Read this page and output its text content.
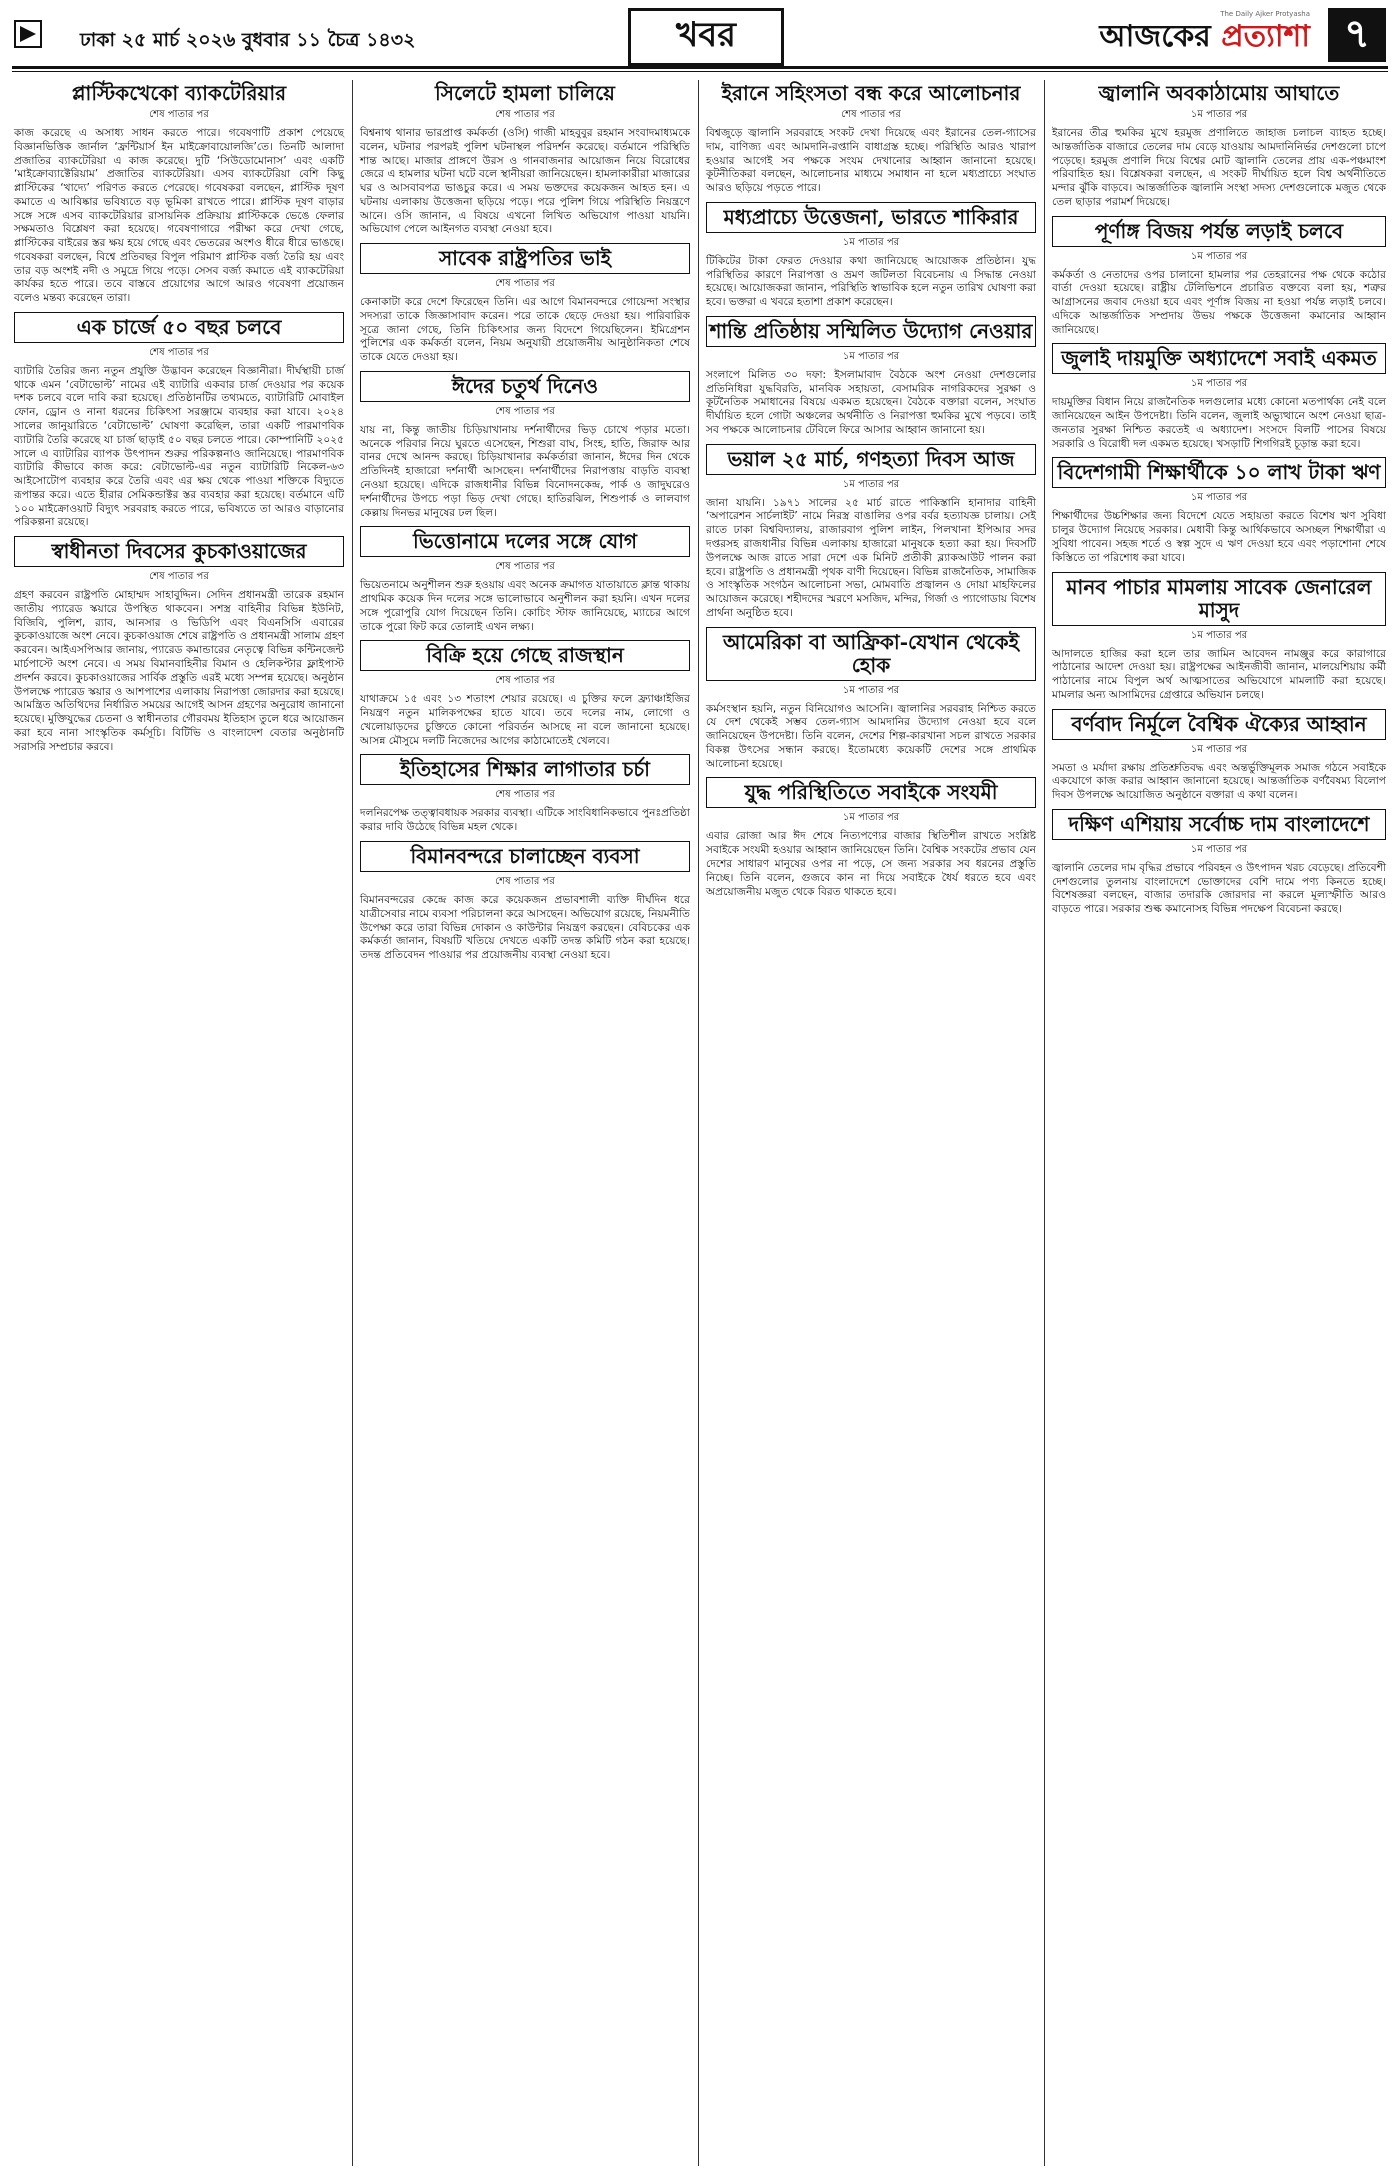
ঢাকা ২৫ মার্চ ২০২৬ বুধবার ১১ চৈত্র ১৪৩২	খবর	আজকের প্রত্যাশা
The Daily Ajker Protyasha ৭
প্লাস্টিকখেকো ব্যাকটেরিয়ার
শেষ পাতার পর

কাজ করেছে এ অসাধ্য সাধন করতে পারে। গবেষণাটি প্রকাশ পেয়েছে বিজ্ঞানভিত্তিক জার্নাল ‘ফ্রন্টিয়ার্স ইন মাইক্রোবায়োলজি’তে। তিনটি আলাদা প্রজাতির ব্যাকটেরিয়া এ কাজ করেছে। দুটি ‘সিউডোমোনাস’ এবং একটি ‘মাইক্রোব্যাক্টেরিয়াম’ প্রজাতির ব্যাকটেরিয়া। এসব ব্যাকটেরিয়া বেশি কিছু প্লাস্টিকের ‘খাদ্যে’ পরিণত করতে পেরেছে। গবেষকরা বলছেন, প্লাস্টিক দূষণ কমাতে এ আবিষ্কার ভবিষ্যতে বড় ভূমিকা রাখতে পারে। প্লাস্টিক দূষণ বাড়ার সঙ্গে সঙ্গে এসব ব্যাকটেরিয়ার রাসায়নিক প্রক্রিয়ায় প্লাস্টিককে ভেঙে ফেলার সক্ষমতাও বিশ্লেষণ করা হয়েছে। গবেষণাগারে পরীক্ষা করে দেখা গেছে, প্লাস্টিকের বাইরের স্তর ক্ষয় হয়ে গেছে এবং ভেতরের অংশও ধীরে ধীরে ভাঙছে। গবেষকরা বলছেন, বিশ্বে প্রতিবছর বিপুল পরিমাণ প্লাস্টিক বর্জ্য তৈরি হয় এবং তার বড় অংশই নদী ও সমুদ্রে গিয়ে পড়ে। সেসব বর্জ্য কমাতে এই ব্যাকটেরিয়া কার্যকর হতে পারে। তবে বাস্তবে প্রয়োগের আগে আরও গবেষণা প্রয়োজন বলেও মন্তব্য করেছেন তারা।

এক চার্জে ৫০ বছর চলবে
শেষ পাতার পর

ব্যাটারি তৈরির জন্য নতুন প্রযুক্তি উদ্ভাবন করেছেন বিজ্ঞানীরা। দীর্ঘস্থায়ী চার্জ থাকে এমন ‘বেটাভোল্ট’ নামের এই ব্যাটারি একবার চার্জ দেওয়ার পর কয়েক দশক চলবে বলে দাবি করা হয়েছে। প্রতিষ্ঠানটির তথ্যমতে, ব্যাটারিটি মোবাইল ফোন, ড্রোন ও নানা ধরনের চিকিৎসা সরঞ্জামে ব্যবহার করা যাবে। ২০২৪ সালের জানুয়ারিতে ‘বেটাভোল্ট’ ঘোষণা করেছিল, তারা একটি পারমাণবিক ব্যাটারি তৈরি করেছে যা চার্জ ছাড়াই ৫০ বছর চলতে পারে। কোম্পানিটি ২০২৫ সালে এ ব্যাটারির ব্যাপক উৎপাদন শুরুর পরিকল্পনাও জানিয়েছে। পারমাণবিক ব্যাটারি কীভাবে কাজ করে: বেটাভোল্ট-এর নতুন ব্যাটারিটি নিকেল-৬৩ আইসোটোপ ব্যবহার করে তৈরি এবং এর ক্ষয় থেকে পাওয়া শক্তিকে বিদ্যুতে রূপান্তর করে। এতে হীরার সেমিকন্ডাক্টর স্তর ব্যবহার করা হয়েছে। বর্তমানে এটি ১০০ মাইক্রোওয়াট বিদ্যুৎ সরবরাহ করতে পারে, ভবিষ্যতে তা আরও বাড়ানোর পরিকল্পনা রয়েছে।

স্বাধীনতা দিবসের কুচকাওয়াজের
শেষ পাতার পর

গ্রহণ করবেন রাষ্ট্রপতি মোহাম্মদ সাহাবুদ্দিন। সেদিন প্রধানমন্ত্রী তারেক রহমান জাতীয় প্যারেড স্কয়ারে উপস্থিত থাকবেন। সশস্ত্র বাহিনীর বিভিন্ন ইউনিট, বিজিবি, পুলিশ, র‍্যাব, আনসার ও ভিডিপি এবং বিএনসিসি এবারের কুচকাওয়াজে অংশ নেবে। কুচকাওয়াজ শেষে রাষ্ট্রপতি ও প্রধানমন্ত্রী সালাম গ্রহণ করবেন। আইএসপিআর জানায়, প্যারেড কমান্ডারের নেতৃত্বে বিভিন্ন কন্টিনজেন্ট মার্চপাস্টে অংশ নেবে। এ সময় বিমানবাহিনীর বিমান ও হেলিকপ্টার ফ্লাইপাস্ট প্রদর্শন করবে। কুচকাওয়াজের সার্বিক প্রস্তুতি এরই মধ্যে সম্পন্ন হয়েছে। অনুষ্ঠান উপলক্ষে প্যারেড স্কয়ার ও আশপাশের এলাকায় নিরাপত্তা জোরদার করা হয়েছে। আমন্ত্রিত অতিথিদের নির্ধারিত সময়ের আগেই আসন গ্রহণের অনুরোধ জানানো হয়েছে। মুক্তিযুদ্ধের চেতনা ও স্বাধীনতার গৌরবময় ইতিহাস তুলে ধরে আয়োজন করা হবে নানা সাংস্কৃতিক কর্মসূচি। বিটিভি ও বাংলাদেশ বেতার অনুষ্ঠানটি সরাসরি সম্প্রচার করবে।

সিলেটে হামলা চালিয়ে
শেষ পাতার পর

বিশ্বনাথ থানার ভারপ্রাপ্ত কর্মকর্তা (ওসি) গাজী মাহবুবুর রহমান সংবাদমাধ্যমকে বলেন, ঘটনার পরপরই পুলিশ ঘটনাস্থল পরিদর্শন করেছে। বর্তমানে পরিস্থিতি শান্ত আছে। মাজার প্রাঙ্গণে উরস ও গানবাজনার আয়োজন নিয়ে বিরোধের জেরে এ হামলার ঘটনা ঘটে বলে স্থানীয়রা জানিয়েছেন। হামলাকারীরা মাজারের ঘর ও আসবাবপত্র ভাঙচুর করে। এ সময় ভক্তদের কয়েকজন আহত হন। এ ঘটনায় এলাকায় উত্তেজনা ছড়িয়ে পড়ে। পরে পুলিশ গিয়ে পরিস্থিতি নিয়ন্ত্রণে আনে। ওসি জানান, এ বিষয়ে এখনো লিখিত অভিযোগ পাওয়া যায়নি। অভিযোগ পেলে আইনগত ব্যবস্থা নেওয়া হবে।

সাবেক রাষ্ট্রপতির ভাই
শেষ পাতার পর

কেনাকাটা করে দেশে ফিরেছেন তিনি। এর আগে বিমানবন্দরে গোয়েন্দা সংস্থার সদস্যরা তাকে জিজ্ঞাসাবাদ করেন। পরে তাকে ছেড়ে দেওয়া হয়। পারিবারিক সূত্রে জানা গেছে, তিনি চিকিৎসার জন্য বিদেশে গিয়েছিলেন। ইমিগ্রেশন পুলিশের এক কর্মকর্তা বলেন, নিয়ম অনুযায়ী প্রয়োজনীয় আনুষ্ঠানিকতা শেষে তাকে যেতে দেওয়া হয়।

ঈদের চতুর্থ দিনেও
শেষ পাতার পর

যায় না, কিন্তু জাতীয় চিড়িয়াখানায় দর্শনার্থীদের ভিড় চোখে পড়ার মতো। অনেকে পরিবার নিয়ে ঘুরতে এসেছেন, শিশুরা বাঘ, সিংহ, হাতি, জিরাফ আর বানর দেখে আনন্দ করছে। চিড়িয়াখানার কর্মকর্তারা জানান, ঈদের দিন থেকে প্রতিদিনই হাজারো দর্শনার্থী আসছেন। দর্শনার্থীদের নিরাপত্তায় বাড়তি ব্যবস্থা নেওয়া হয়েছে। এদিকে রাজধানীর বিভিন্ন বিনোদনকেন্দ্র, পার্ক ও জাদুঘরেও দর্শনার্থীদের উপচে পড়া ভিড় দেখা গেছে। হাতিরঝিল, শিশুপার্ক ও লালবাগ কেল্লায় দিনভর মানুষের ঢল ছিল।

ভিত্তোনামে দলের সঙ্গে যোগ
শেষ পাতার পর

ভিয়েতনামে অনুশীলন শুরু হওয়ায় এবং অনেক ক্রমাগত যাতায়াতে ক্লান্ত থাকায় প্রাথমিক কয়েক দিন দলের সঙ্গে ভালোভাবে অনুশীলন করা হয়নি। এখন দলের সঙ্গে পুরোপুরি যোগ দিয়েছেন তিনি। কোচিং স্টাফ জানিয়েছে, ম্যাচের আগে তাকে পুরো ফিট করে তোলাই এখন লক্ষ্য।

বিক্রি হয়ে গেছে রাজস্থান
শেষ পাতার পর

যাথাক্রমে ১৫ এবং ১৩ শতাংশ শেয়ার রয়েছে। এ চুক্তির ফলে ফ্র্যাঞ্চাইজির নিয়ন্ত্রণ নতুন মালিকপক্ষের হাতে যাবে। তবে দলের নাম, লোগো ও খেলোয়াড়দের চুক্তিতে কোনো পরিবর্তন আসছে না বলে জানানো হয়েছে। আসন্ন মৌসুমে দলটি নিজেদের আগের কাঠামোতেই খেলবে।

ইতিহাসের শিক্ষার লাগাতার চর্চা
শেষ পাতার পর

দলনিরপেক্ষ তত্ত্বাবধায়ক সরকার ব্যবস্থা। এটিকে সাংবিধানিকভাবে পুনঃপ্রতিষ্ঠা করার দাবি উঠেছে বিভিন্ন মহল থেকে।

বিমানবন্দরে চালাচ্ছেন ব্যবসা
শেষ পাতার পর

বিমানবন্দরের কেন্দ্রে কাজ করে কয়েকজন প্রভাবশালী ব্যক্তি দীর্ঘদিন ধরে যাত্রীসেবার নামে ব্যবসা পরিচালনা করে আসছেন। অভিযোগ রয়েছে, নিয়মনীতি উপেক্ষা করে তারা বিভিন্ন দোকান ও কাউন্টার নিয়ন্ত্রণ করছেন। বেবিচকের এক কর্মকর্তা জানান, বিষয়টি খতিয়ে দেখতে একটি তদন্ত কমিটি গঠন করা হয়েছে। তদন্ত প্রতিবেদন পাওয়ার পর প্রয়োজনীয় ব্যবস্থা নেওয়া হবে।

ইরানে সহিংসতা বন্ধ করে আলোচনার
শেষ পাতার পর

বিশ্বজুড়ে জ্বালানি সরবরাহে সংকট দেখা দিয়েছে এবং ইরানের তেল-গ্যাসের দাম, বাণিজ্য এবং আমদানি-রপ্তানি বাধাগ্রস্ত হচ্ছে। পরিস্থিতি আরও খারাপ হওয়ার আগেই সব পক্ষকে সংযম দেখানোর আহ্বান জানানো হয়েছে। কূটনীতিকরা বলছেন, আলোচনার মাধ্যমে সমাধান না হলে মধ্যপ্রাচ্যে সংঘাত আরও ছড়িয়ে পড়তে পারে।

মধ্যপ্রাচ্যে উত্তেজনা, ভারতে শাকিরার
১ম পাতার পর

টিকিটের টাকা ফেরত দেওয়ার কথা জানিয়েছে আয়োজক প্রতিষ্ঠান। যুদ্ধ পরিস্থিতির কারণে নিরাপত্তা ও ভ্রমণ জটিলতা বিবেচনায় এ সিদ্ধান্ত নেওয়া হয়েছে। আয়োজকরা জানান, পরিস্থিতি স্বাভাবিক হলে নতুন তারিখ ঘোষণা করা হবে। ভক্তরা এ খবরে হতাশা প্রকাশ করেছেন।

শান্তি প্রতিষ্ঠায় সম্মিলিত উদ্যোগ নেওয়ার
১ম পাতার পর

সংলাপে মিলিত ৩০ দফা: ইসলামাবাদ বৈঠকে অংশ নেওয়া দেশগুলোর প্রতিনিধিরা যুদ্ধবিরতি, মানবিক সহায়তা, বেসামরিক নাগরিকদের সুরক্ষা ও কূটনৈতিক সমাধানের বিষয়ে একমত হয়েছেন। বৈঠকে বক্তারা বলেন, সংঘাত দীর্ঘায়িত হলে গোটা অঞ্চলের অর্থনীতি ও নিরাপত্তা হুমকির মুখে পড়বে। তাই সব পক্ষকে আলোচনার টেবিলে ফিরে আসার আহ্বান জানানো হয়।

ভয়াল ২৫ মার্চ, গণহত্যা দিবস আজ
১ম পাতার পর

জানা যায়নি। ১৯৭১ সালের ২৫ মার্চ রাতে পাকিস্তানি হানাদার বাহিনী ‘অপারেশন সার্চলাইট’ নামে নিরস্ত্র বাঙালির ওপর বর্বর হত্যাযজ্ঞ চালায়। সেই রাতে ঢাকা বিশ্ববিদ্যালয়, রাজারবাগ পুলিশ লাইন, পিলখানা ইপিআর সদর দপ্তরসহ রাজধানীর বিভিন্ন এলাকায় হাজারো মানুষকে হত্যা করা হয়। দিবসটি উপলক্ষে আজ রাতে সারা দেশে এক মিনিট প্রতীকী ব্ল্যাকআউট পালন করা হবে। রাষ্ট্রপতি ও প্রধানমন্ত্রী পৃথক বাণী দিয়েছেন। বিভিন্ন রাজনৈতিক, সামাজিক ও সাংস্কৃতিক সংগঠন আলোচনা সভা, মোমবাতি প্রজ্বালন ও দোয়া মাহফিলের আয়োজন করেছে। শহীদদের স্মরণে মসজিদ, মন্দির, গির্জা ও প্যাগোডায় বিশেষ প্রার্থনা অনুষ্ঠিত হবে।

আমেরিকা বা আফ্রিকা-যেখান থেকেই হোক
১ম পাতার পর

কর্মসংস্থান হয়নি, নতুন বিনিয়োগও আসেনি। জ্বালানির সরবরাহ নিশ্চিত করতে যে দেশ থেকেই সম্ভব তেল-গ্যাস আমদানির উদ্যোগ নেওয়া হবে বলে জানিয়েছেন উপদেষ্টা। তিনি বলেন, দেশের শিল্প-কারখানা সচল রাখতে সরকার বিকল্প উৎসের সন্ধান করছে। ইতোমধ্যে কয়েকটি দেশের সঙ্গে প্রাথমিক আলোচনা হয়েছে।

যুদ্ধ পরিস্থিতিতে সবাইকে সংযমী
১ম পাতার পর

এবার রোজা আর ঈদ শেষে নিত্যপণ্যের বাজার স্থিতিশীল রাখতে সংশ্লিষ্ট সবাইকে সংযমী হওয়ার আহ্বান জানিয়েছেন তিনি। বৈশ্বিক সংকটের প্রভাব যেন দেশের সাধারণ মানুষের ওপর না পড়ে, সে জন্য সরকার সব ধরনের প্রস্তুতি নিচ্ছে। তিনি বলেন, গুজবে কান না দিয়ে সবাইকে ধৈর্য ধরতে হবে এবং অপ্রয়োজনীয় মজুত থেকে বিরত থাকতে হবে।

জ্বালানি অবকাঠামোয় আঘাতে
১ম পাতার পর

ইরানের তীব্র হুমকির মুখে হরমুজ প্রণালিতে জাহাজ চলাচল ব্যাহত হচ্ছে। আন্তর্জাতিক বাজারে তেলের দাম বেড়ে যাওয়ায় আমদানিনির্ভর দেশগুলো চাপে পড়েছে। হরমুজ প্রণালি দিয়ে বিশ্বের মোট জ্বালানি তেলের প্রায় এক-পঞ্চমাংশ পরিবাহিত হয়। বিশ্লেষকরা বলছেন, এ সংকট দীর্ঘায়িত হলে বিশ্ব অর্থনীতিতে মন্দার ঝুঁকি বাড়বে। আন্তর্জাতিক জ্বালানি সংস্থা সদস্য দেশগুলোকে মজুত থেকে তেল ছাড়ার পরামর্শ দিয়েছে।

পূর্ণাঙ্গ বিজয় পর্যন্ত লড়াই চলবে
১ম পাতার পর

কর্মকর্তা ও নেতাদের ওপর চালানো হামলার পর তেহরানের পক্ষ থেকে কঠোর বার্তা দেওয়া হয়েছে। রাষ্ট্রীয় টেলিভিশনে প্রচারিত বক্তব্যে বলা হয়, শত্রুর আগ্রাসনের জবাব দেওয়া হবে এবং পূর্ণাঙ্গ বিজয় না হওয়া পর্যন্ত লড়াই চলবে। এদিকে আন্তর্জাতিক সম্প্রদায় উভয় পক্ষকে উত্তেজনা কমানোর আহ্বান জানিয়েছে।

জুলাই দায়মুক্তি অধ্যাদেশে সবাই একমত
১ম পাতার পর

দায়মুক্তির বিধান নিয়ে রাজনৈতিক দলগুলোর মধ্যে কোনো মতপার্থক্য নেই বলে জানিয়েছেন আইন উপদেষ্টা। তিনি বলেন, জুলাই অভ্যুত্থানে অংশ নেওয়া ছাত্র-জনতার সুরক্ষা নিশ্চিত করতেই এ অধ্যাদেশ। সংসদে বিলটি পাসের বিষয়ে সরকারি ও বিরোধী দল একমত হয়েছে। খসড়াটি শিগগিরই চূড়ান্ত করা হবে।

বিদেশগামী শিক্ষার্থীকে ১০ লাখ টাকা ঋণ
১ম পাতার পর

শিক্ষার্থীদের উচ্চশিক্ষার জন্য বিদেশে যেতে সহায়তা করতে বিশেষ ঋণ সুবিধা চালুর উদ্যোগ নিয়েছে সরকার। মেধাবী কিন্তু আর্থিকভাবে অসচ্ছল শিক্ষার্থীরা এ সুবিধা পাবেন। সহজ শর্তে ও স্বল্প সুদে এ ঋণ দেওয়া হবে এবং পড়াশোনা শেষে কিস্তিতে তা পরিশোধ করা যাবে।

মানব পাচার মামলায় সাবেক জেনারেল মাসুদ
১ম পাতার পর

আদালতে হাজির করা হলে তার জামিন আবেদন নামঞ্জুর করে কারাগারে পাঠানোর আদেশ দেওয়া হয়। রাষ্ট্রপক্ষের আইনজীবী জানান, মালয়েশিয়ায় কর্মী পাঠানোর নামে বিপুল অর্থ আত্মসাতের অভিযোগে মামলাটি করা হয়েছে। মামলার অন্য আসামিদের গ্রেপ্তারে অভিযান চলছে।

বর্ণবাদ নির্মূলে বৈশ্বিক ঐক্যের আহ্বান
১ম পাতার পর

সমতা ও মর্যাদা রক্ষায় প্রতিশ্রুতিবদ্ধ এবং অন্তর্ভুক্তিমূলক সমাজ গঠনে সবাইকে একযোগে কাজ করার আহ্বান জানানো হয়েছে। আন্তর্জাতিক বর্ণবৈষম্য বিলোপ দিবস উপলক্ষে আয়োজিত অনুষ্ঠানে বক্তারা এ কথা বলেন।

দক্ষিণ এশিয়ায় সর্বোচ্চ দাম বাংলাদেশে
১ম পাতার পর

জ্বালানি তেলের দাম বৃদ্ধির প্রভাবে পরিবহন ও উৎপাদন খরচ বেড়েছে। প্রতিবেশী দেশগুলোর তুলনায় বাংলাদেশে ভোক্তাদের বেশি দামে পণ্য কিনতে হচ্ছে। বিশেষজ্ঞরা বলছেন, বাজার তদারকি জোরদার না করলে মূল্যস্ফীতি আরও বাড়তে পারে। সরকার শুল্ক কমানোসহ বিভিন্ন পদক্ষেপ বিবেচনা করছে।
